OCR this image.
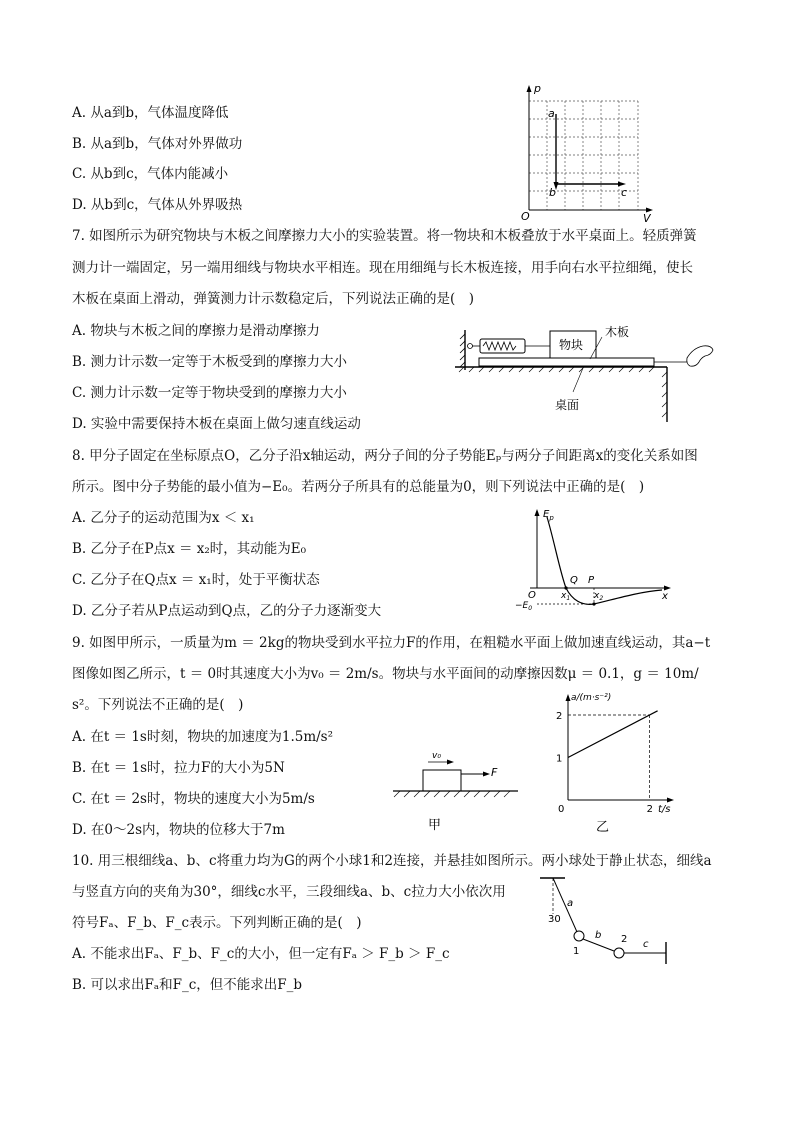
A. 从a到b，气体温度降低
B. 从a到b，气体对外界做功
C. 从b到c，气体内能减小
D. 从b到c，气体从外界吸热
p
O	V
a
b	c
7. 如图所示为研究物块与木板之间摩擦力大小的实验装置。将一物块和木板叠放于水平桌面上。轻质弹簧
测力计一端固定，另一端用细线与物块水平相连。现在用细绳与长木板连接，用手向右水平拉细绳，使长
木板在桌面上滑动，弹簧测力计示数稳定后，下列说法正确的是(　)
A. 物块与木板之间的摩擦力是滑动摩擦力
B. 测力计示数一定等于木板受到的摩擦力大小
C. 测力计示数一定等于物块受到的摩擦力大小
D. 实验中需要保持木板在桌面上做匀速直线运动
物块
木板
桌面
8. 甲分子固定在坐标原点O，乙分子沿x轴运动，两分子间的分子势能Eₚ与两分子间距离x的变化关系如图
所示。图中分子势能的最小值为−E₀。若两分子所具有的总能量为0，则下列说法中正确的是(　)
A. 乙分子的运动范围为x ＜ x₁
B. 乙分子在P点x ＝ x₂时，其动能为E₀
C. 乙分子在Q点x ＝ x₁时，处于平衡状态
D. 乙分子若从P点运动到Q点，乙的分子力逐渐变大
$E_p$
O
Q P
$x_1$	$x_2$	x
$-E_0$
9. 如图甲所示，一质量为m ＝ 2kg的物块受到水平拉力F的作用，在粗糙水平面上做加速直线运动，其a−t
图像如图乙所示，t ＝ 0时其速度大小为v₀ ＝ 2m/s。物块与水平面间的动摩擦因数μ ＝ 0.1，g ＝ 10m/
s²。下列说法不正确的是(　)
A. 在t ＝ 1s时刻，物块的加速度为1.5m/s²
B. 在t ＝ 1s时，拉力F的大小为5N
C. 在t ＝ 2s时，物块的速度大小为5m/s
D. 在0～2s内，物块的位移大于7m
v₀
F
甲
a/(m·s⁻²)
t/s
0
1
2
2
乙
10. 用三根细线a、b、c将重力均为G的两个小球1和2连接，并悬挂如图所示。两小球处于静止状态，细线a
与竖直方向的夹角为30°，细线c水平，三段细线a、b、c拉力大小依次用
符号Fₐ、F_b、F_c表示。下列判断正确的是(　)
A. 不能求出Fₐ、F_b、F_c的大小，但一定有Fₐ ＞ F_b ＞ F_c
B. 可以求出Fₐ和F_c，但不能求出F_b
a
30
b
c
1
2
